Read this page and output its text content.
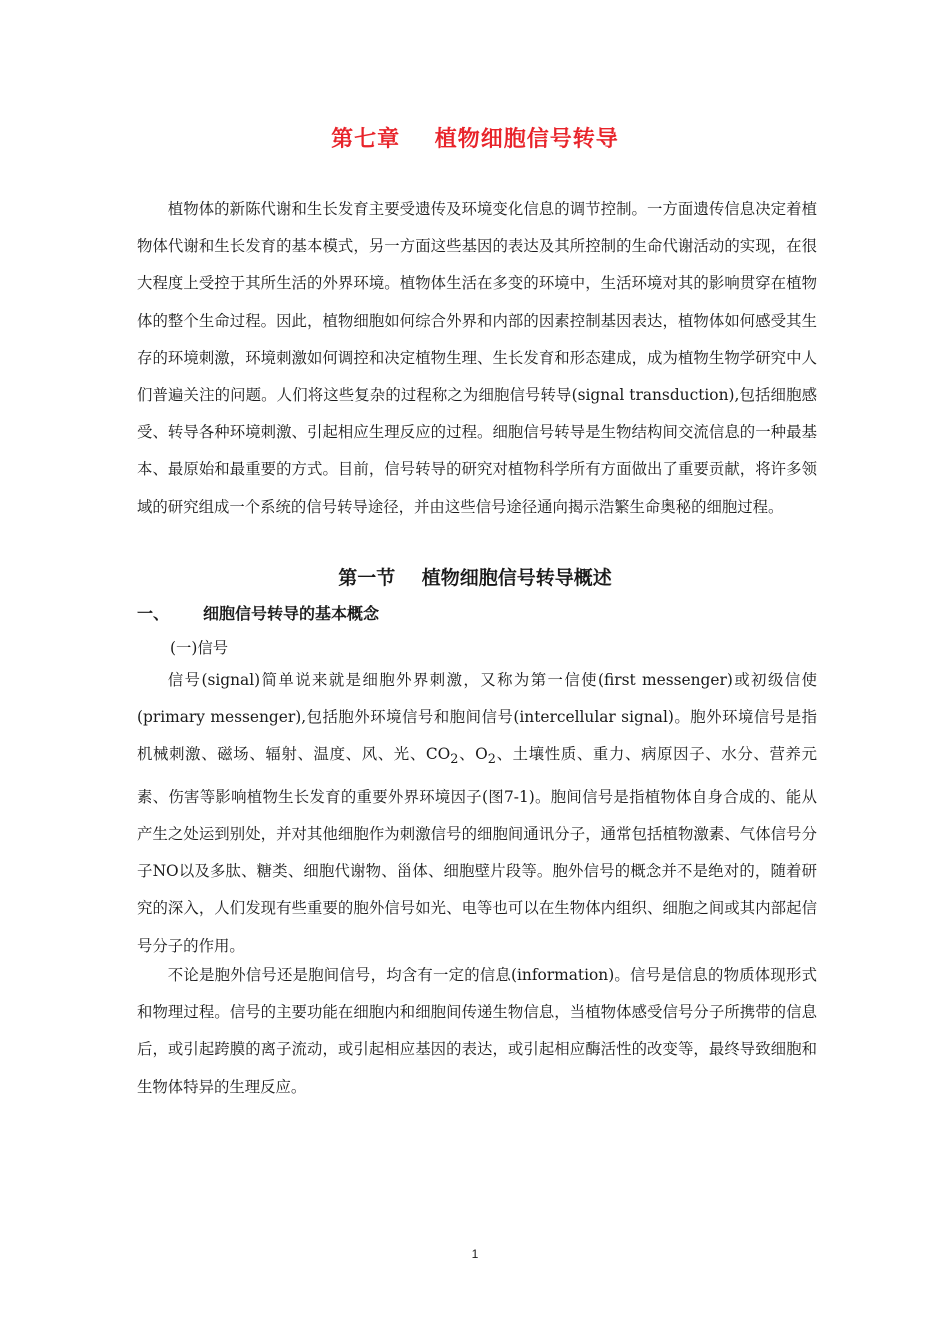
第七章    植物细胞信号转导

植物体的新陈代谢和生长发育主要受遗传及环境变化信息的调节控制。一方面遗传信息决定着植物体代谢和生长发育的基本模式，另一方面这些基因的表达及其所控制的生命代谢活动的实现，在很大程度上受控于其所生活的外界环境。植物体生活在多变的环境中，生活环境对其的影响贯穿在植物体的整个生命过程。因此，植物细胞如何综合外界和内部的因素控制基因表达，植物体如何感受其生存的环境刺激，环境刺激如何调控和决定植物生理、生长发育和形态建成，成为植物生物学研究中人们普遍关注的问题。人们将这些复杂的过程称之为细胞信号转导(signal transduction),包括细胞感受、转导各种环境刺激、引起相应生理反应的过程。细胞信号转导是生物结构间交流信息的一种最基本、最原始和最重要的方式。目前，信号转导的研究对植物科学所有方面做出了重要贡献，将许多领域的研究组成一个系统的信号转导途径，并由这些信号途径通向揭示浩繁生命奥秘的细胞过程。

第一节    植物细胞信号转导概述
一、 细胞信号转导的基本概念
(一)信号

信号(signal)简单说来就是细胞外界刺激，又称为第一信使(first messenger)或初级信使(primary messenger),包括胞外环境信号和胞间信号(intercellular signal)。胞外环境信号是指机械刺激、磁场、辐射、温度、风、光、$CO_2$、$O_2$、土壤性质、重力、病原因子、水分、营养元素、伤害等影响植物生长发育的重要外界环境因子(图7-1)。胞间信号是指植物体自身合成的、能从产生之处运到别处，并对其他细胞作为刺激信号的细胞间通讯分子，通常包括植物激素、气体信号分子NO以及多肽、糖类、细胞代谢物、甾体、细胞壁片段等。胞外信号的概念并不是绝对的，随着研究的深入，人们发现有些重要的胞外信号如光、电等也可以在生物体内组织、细胞之间或其内部起信号分子的作用。

不论是胞外信号还是胞间信号，均含有一定的信息(information)。信号是信息的物质体现形式和物理过程。信号的主要功能在细胞内和细胞间传递生物信息，当植物体感受信号分子所携带的信息后，或引起跨膜的离子流动，或引起相应基因的表达，或引起相应酶活性的改变等，最终导致细胞和生物体特异的生理反应。

1
